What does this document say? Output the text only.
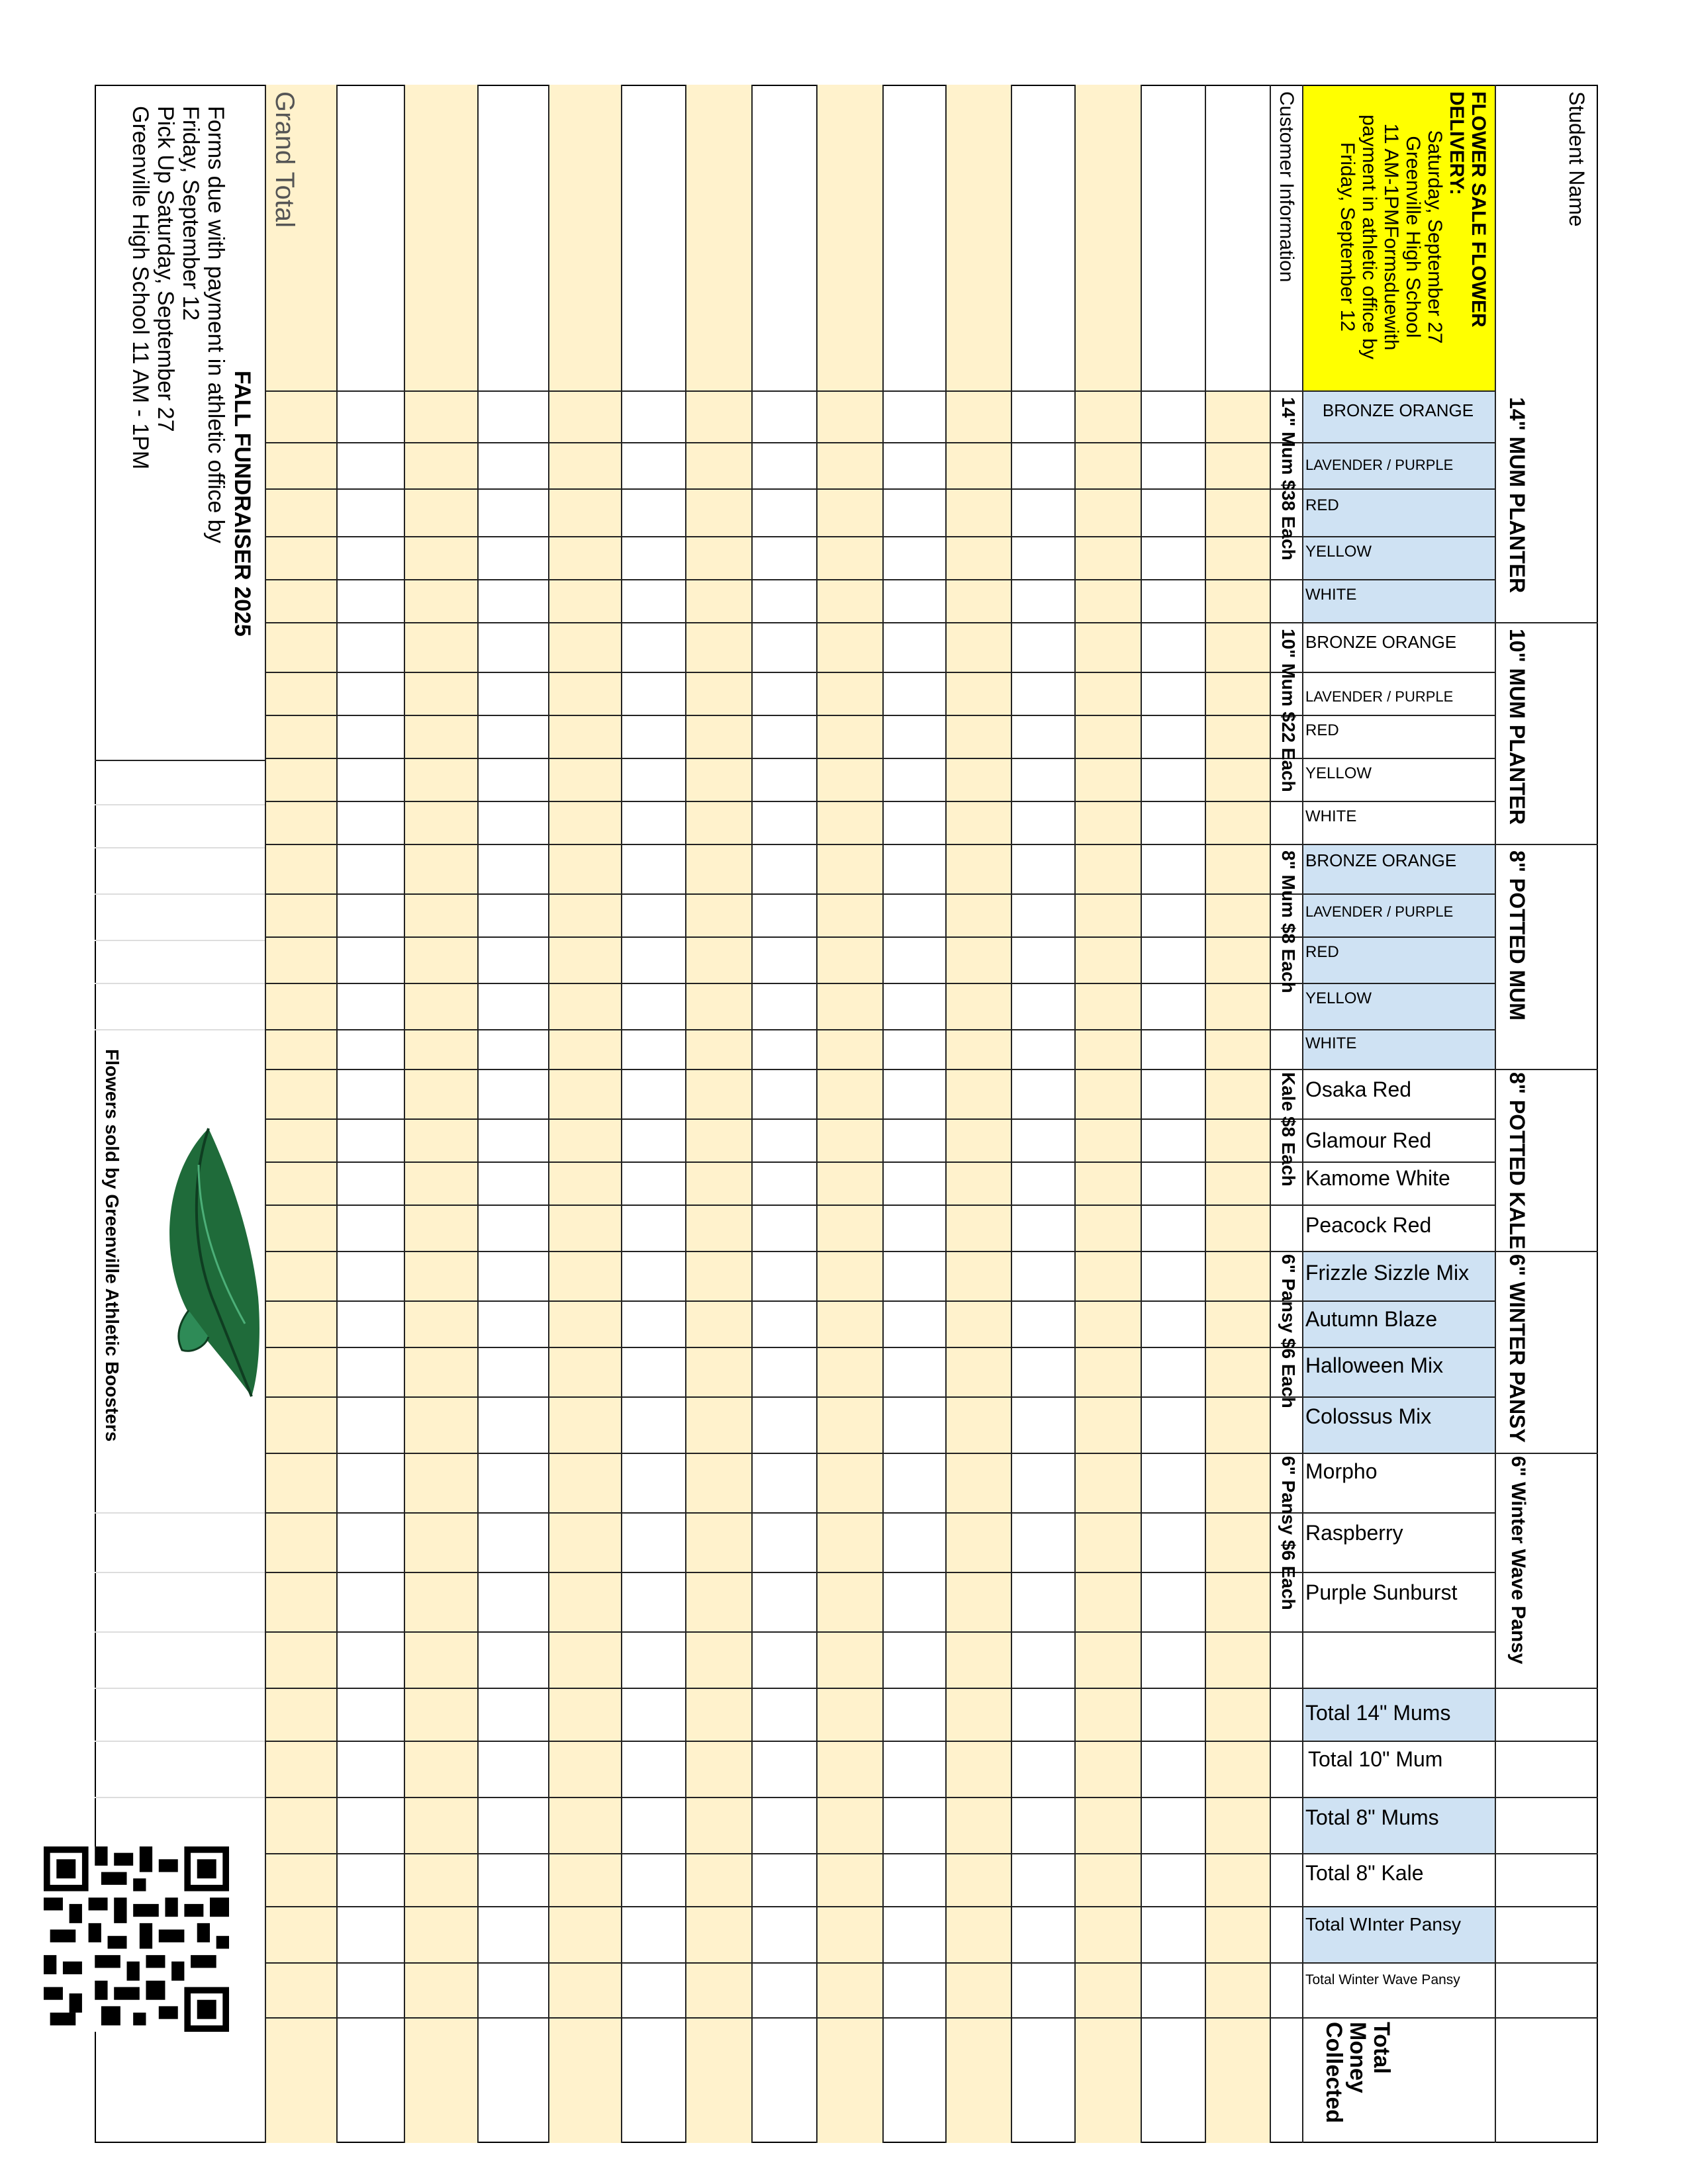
Student Name
FLOWER SALE FLOWER DELIVERY:
Saturday, September 27
Greenville High School
11 AM-1PMFormsduewith
payment in athletic office by
Friday, September 12
Customer Information
14" MUM PLANTER
10" MUM PLANTER
8" POTTED MUM
8" POTTED KALE
6" WINTER PANSY
6" Winter Wave Pansy
14" Mum $38 Each
10" Mum $22 Each
8" Mum $8 Each
Kale $8 Each
6" Pansy $6 Each
6" Pansy $6 Each
BRONZE ORANGE
LAVENDER / PURPLE
RED
YELLOW
WHITE
BRONZE ORANGE
LAVENDER / PURPLE
RED
YELLOW
WHITE
BRONZE ORANGE
LAVENDER / PURPLE
RED
YELLOW
WHITE
Osaka Red
Glamour Red
Kamome White
Peacock Red
Frizzle Sizzle Mix
Autumn Blaze
Halloween Mix
Colossus Mix
Morpho
Raspberry
Purple Sunburst
Total 14" Mums
Total 10" Mum
Total 8" Mums
Total 8" Kale
Total WInter Pansy
Total Winter Wave Pansy
Total Money Collected
Grand Total
FALL FUNDRAISER 2025
Forms due with payment in athletic office by
Friday, September 12
Pick Up Saturday, September 27
Greenville High School 11 AM - 1PM
Flowers sold by Greenville Athletic Boosters
